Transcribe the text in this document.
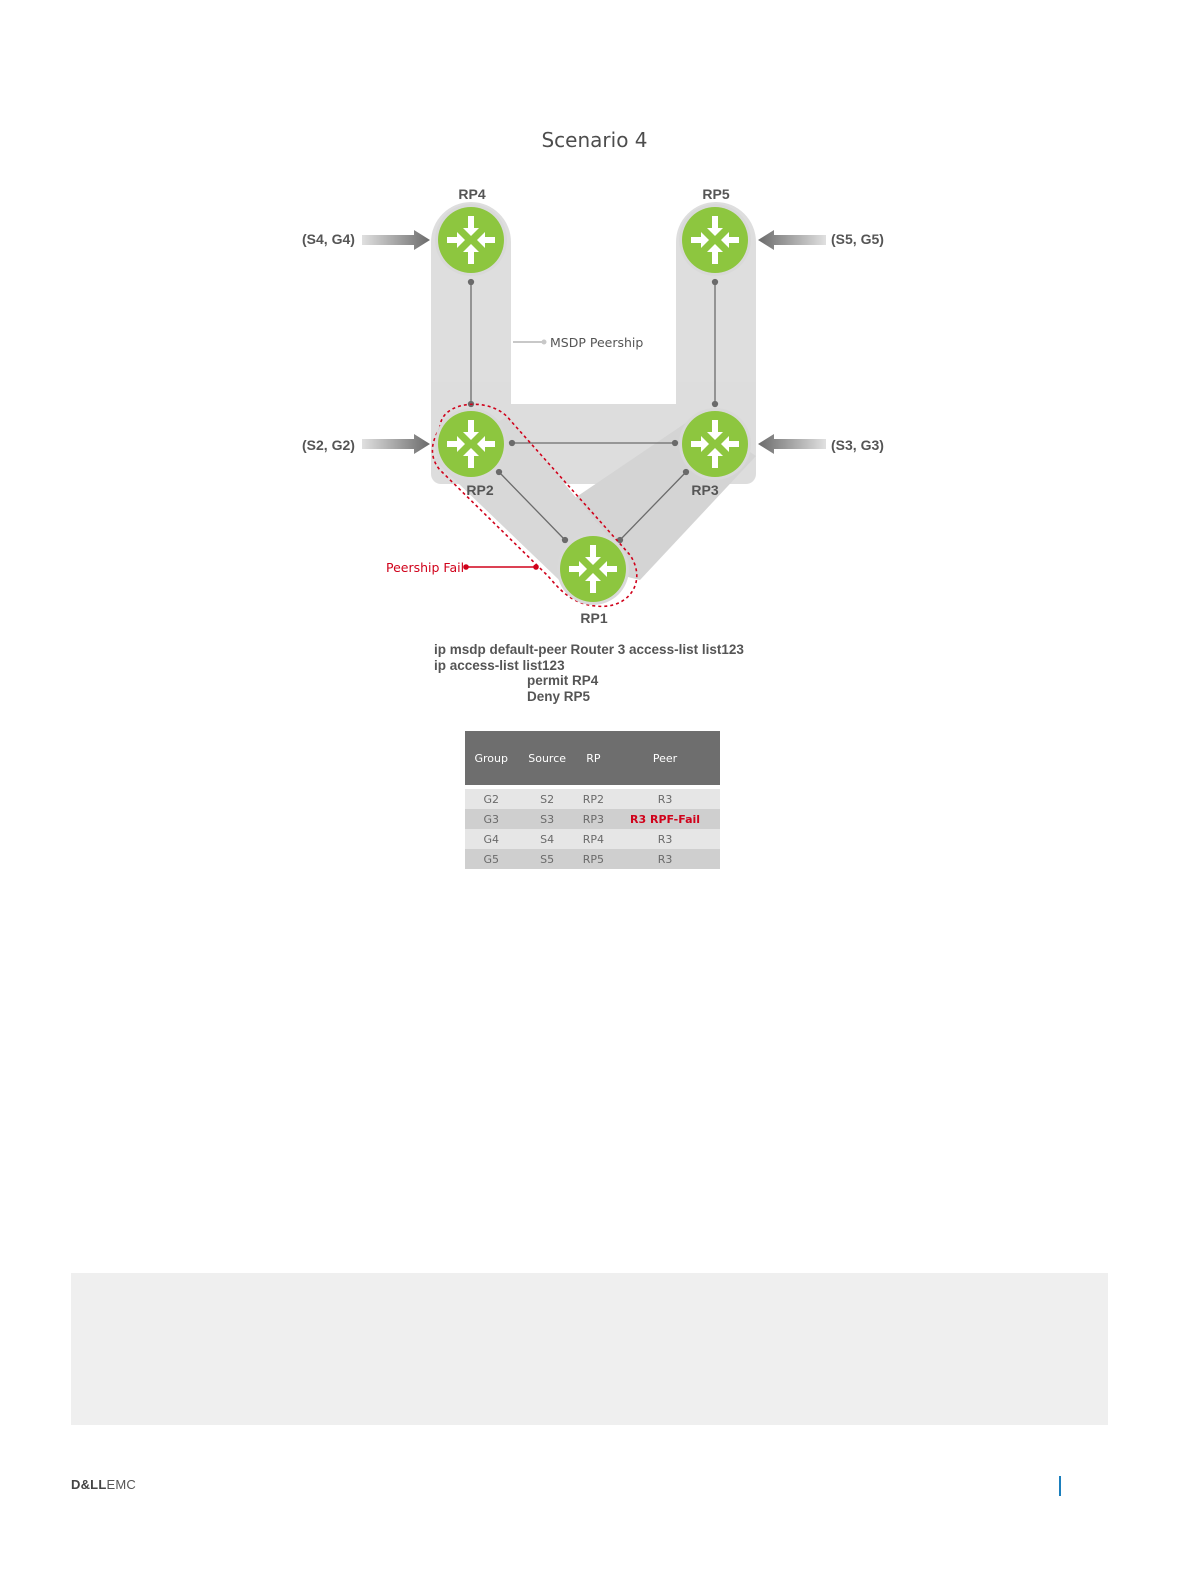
Scenario 4
MSDP Peership
Peership Fail
RP4	RP5
RP2	RP3
RP1
(S4, G4)
(S2, G2)
(S5, G5)
(S3, G3)
ip msdp default-peer Router 3 access-list list123
ip access-list list123
permit RP4
Deny RP5
Group	Source	RP	Peer

G2	S2	RP2	R3
G3	S3	RP3	R3 RPF-Fail
G4	S4	RP4	R3
G5	S5	RP5	R3
D&LLEMC
